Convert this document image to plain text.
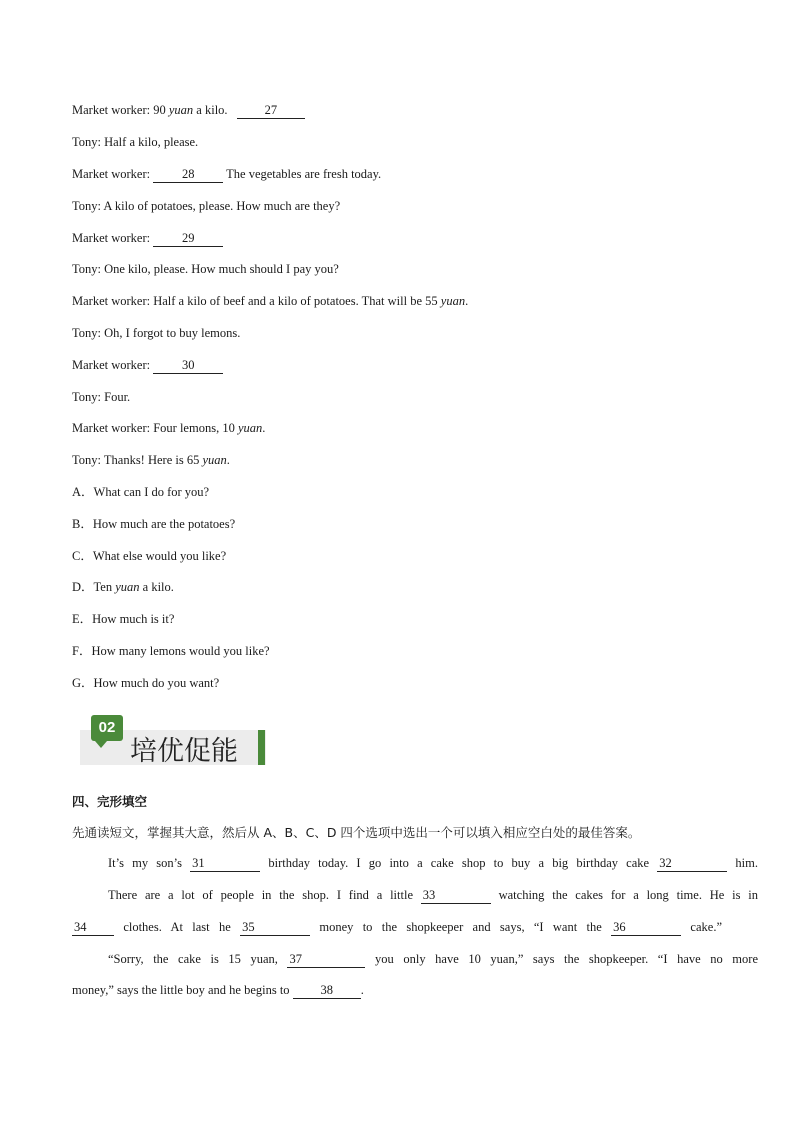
Market worker: 90 yuan a kilo.	27
Tony: Half a kilo, please.
Market worker: 28 The vegetables are fresh today.
Tony: A kilo of potatoes, please. How much are they?
Market worker: 29
Tony: One kilo, please. How much should I pay you?
Market worker: Half a kilo of beef and a kilo of potatoes. That will be 55 yuan.
Tony: Oh, I forgot to buy lemons.
Market worker: 30
Tony: Four.
Market worker: Four lemons, 10 yuan.
Tony: Thanks! Here is 65 yuan.
A．What can I do for you?
B．How much are the potatoes?
C．What else would you like?
D．Ten yuan a kilo.
E．How much is it?
F．How many lemons would you like?
G．How much do you want?
02
培优促能
四、完形填空
先通读短文，掌握其大意，然后从 A、B、C、D 四个选项中选出一个可以填入相应空白处的最佳答案。
It’s my son’s 31	birthday today. I go into a cake shop to buy a big birthday cake 32	him.
There are a lot of people in the shop. I find a little 33	watching the cakes for a long time. He is in
34 clothes. At last he 35	money to the shopkeeper and says, “I want the 36	cake.”
“Sorry, the cake is 15 yuan, 37	you only have 10 yuan,” says the shopkeeper. “I have no more
money,” says the little boy and he begins to 38 .
